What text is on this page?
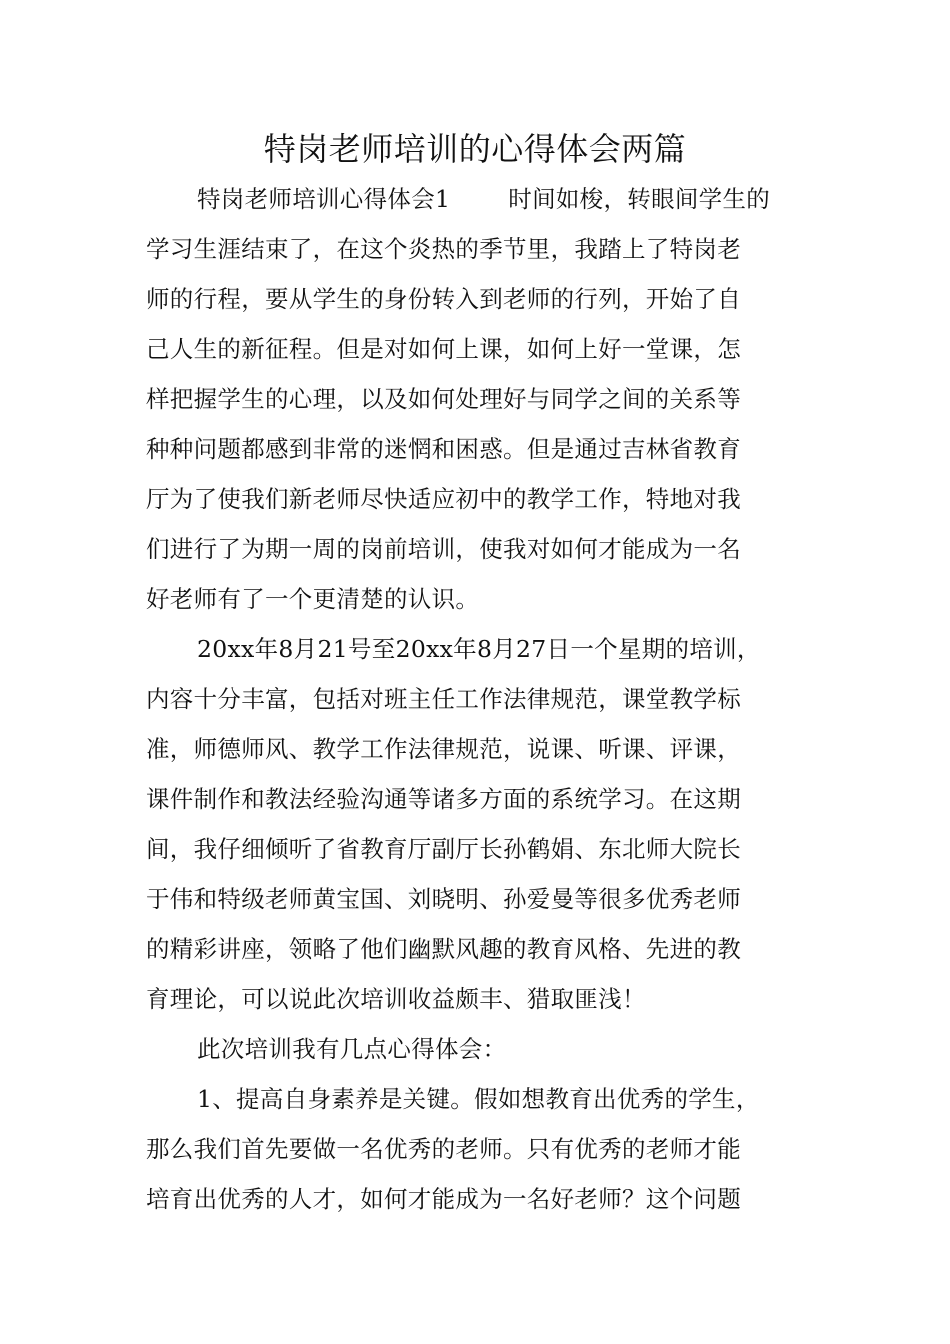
特岗老师培训的心得体会两篇
特岗老师培训心得体会1 时间如梭，转眼间学生的
学习生涯结束了，在这个炎热的季节里，我踏上了特岗老
师的行程，要从学生的身份转入到老师的行列，开始了自
己人生的新征程。但是对如何上课，如何上好一堂课，怎
样把握学生的心理，以及如何处理好与同学之间的关系等
种种问题都感到非常的迷惘和困惑。但是通过吉林省教育
厅为了使我们新老师尽快适应初中的教学工作，特地对我
们进行了为期一周的岗前培训，使我对如何才能成为一名
好老师有了一个更清楚的认识。
20xx年8月21号至20xx年8月27日一个星期的培训，
内容十分丰富，包括对班主任工作法律规范，课堂教学标
准，师德师风、教学工作法律规范，说课、听课、评课，
课件制作和教法经验沟通等诸多方面的系统学习。在这期
间，我仔细倾听了省教育厅副厅长孙鹤娟、东北师大院长
于伟和特级老师黄宝国、刘晓明、孙爱曼等很多优秀老师
的精彩讲座，领略了他们幽默风趣的教育风格、先进的教
育理论，可以说此次培训收益颇丰、猎取匪浅！
此次培训我有几点心得体会：
1、提高自身素养是关键。假如想教育出优秀的学生，
那么我们首先要做一名优秀的老师。只有优秀的老师才能
培育出优秀的人才，如何才能成为一名好老师？这个问题
